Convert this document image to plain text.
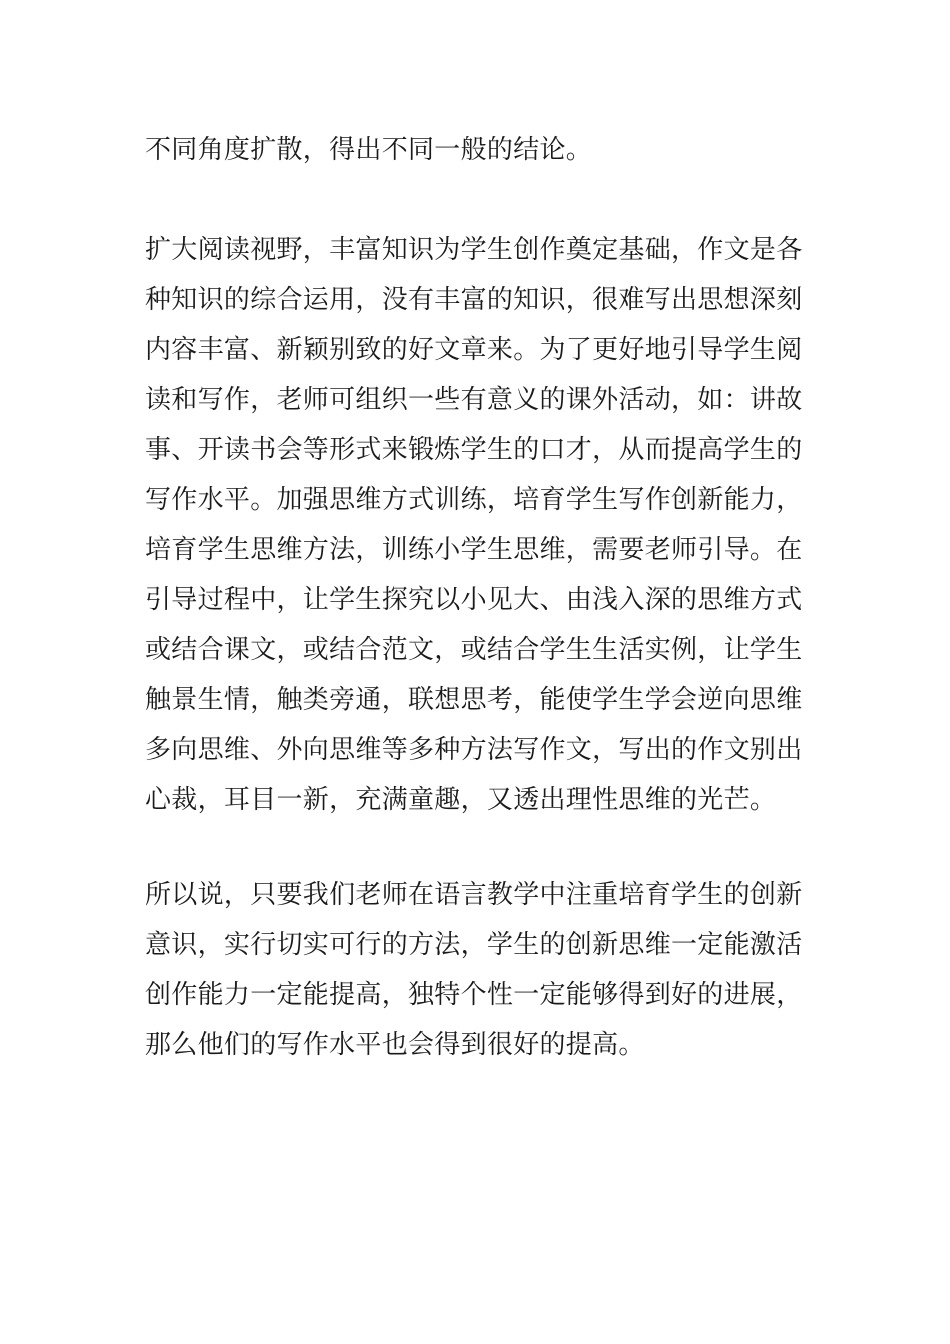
不同角度扩散，得出不同一般的结论。
扩大阅读视野，丰富知识为学生创作奠定基础，作文是各
种知识的综合运用，没有丰富的知识，很难写出思想深刻
内容丰富、新颖别致的好文章来。为了更好地引导学生阅
读和写作，老师可组织一些有意义的课外活动，如：讲故
事、开读书会等形式来锻炼学生的口才，从而提高学生的
写作水平。加强思维方式训练，培育学生写作创新能力，
培育学生思维方法，训练小学生思维，需要老师引导。在
引导过程中，让学生探究以小见大、由浅入深的思维方式
或结合课文，或结合范文，或结合学生生活实例，让学生
触景生情，触类旁通，联想思考，能使学生学会逆向思维
多向思维、外向思维等多种方法写作文，写出的作文别出
心裁，耳目一新，充满童趣，又透出理性思维的光芒。
所以说，只要我们老师在语言教学中注重培育学生的创新
意识，实行切实可行的方法，学生的创新思维一定能激活
创作能力一定能提高，独特个性一定能够得到好的进展，
那么他们的写作水平也会得到很好的提高。
